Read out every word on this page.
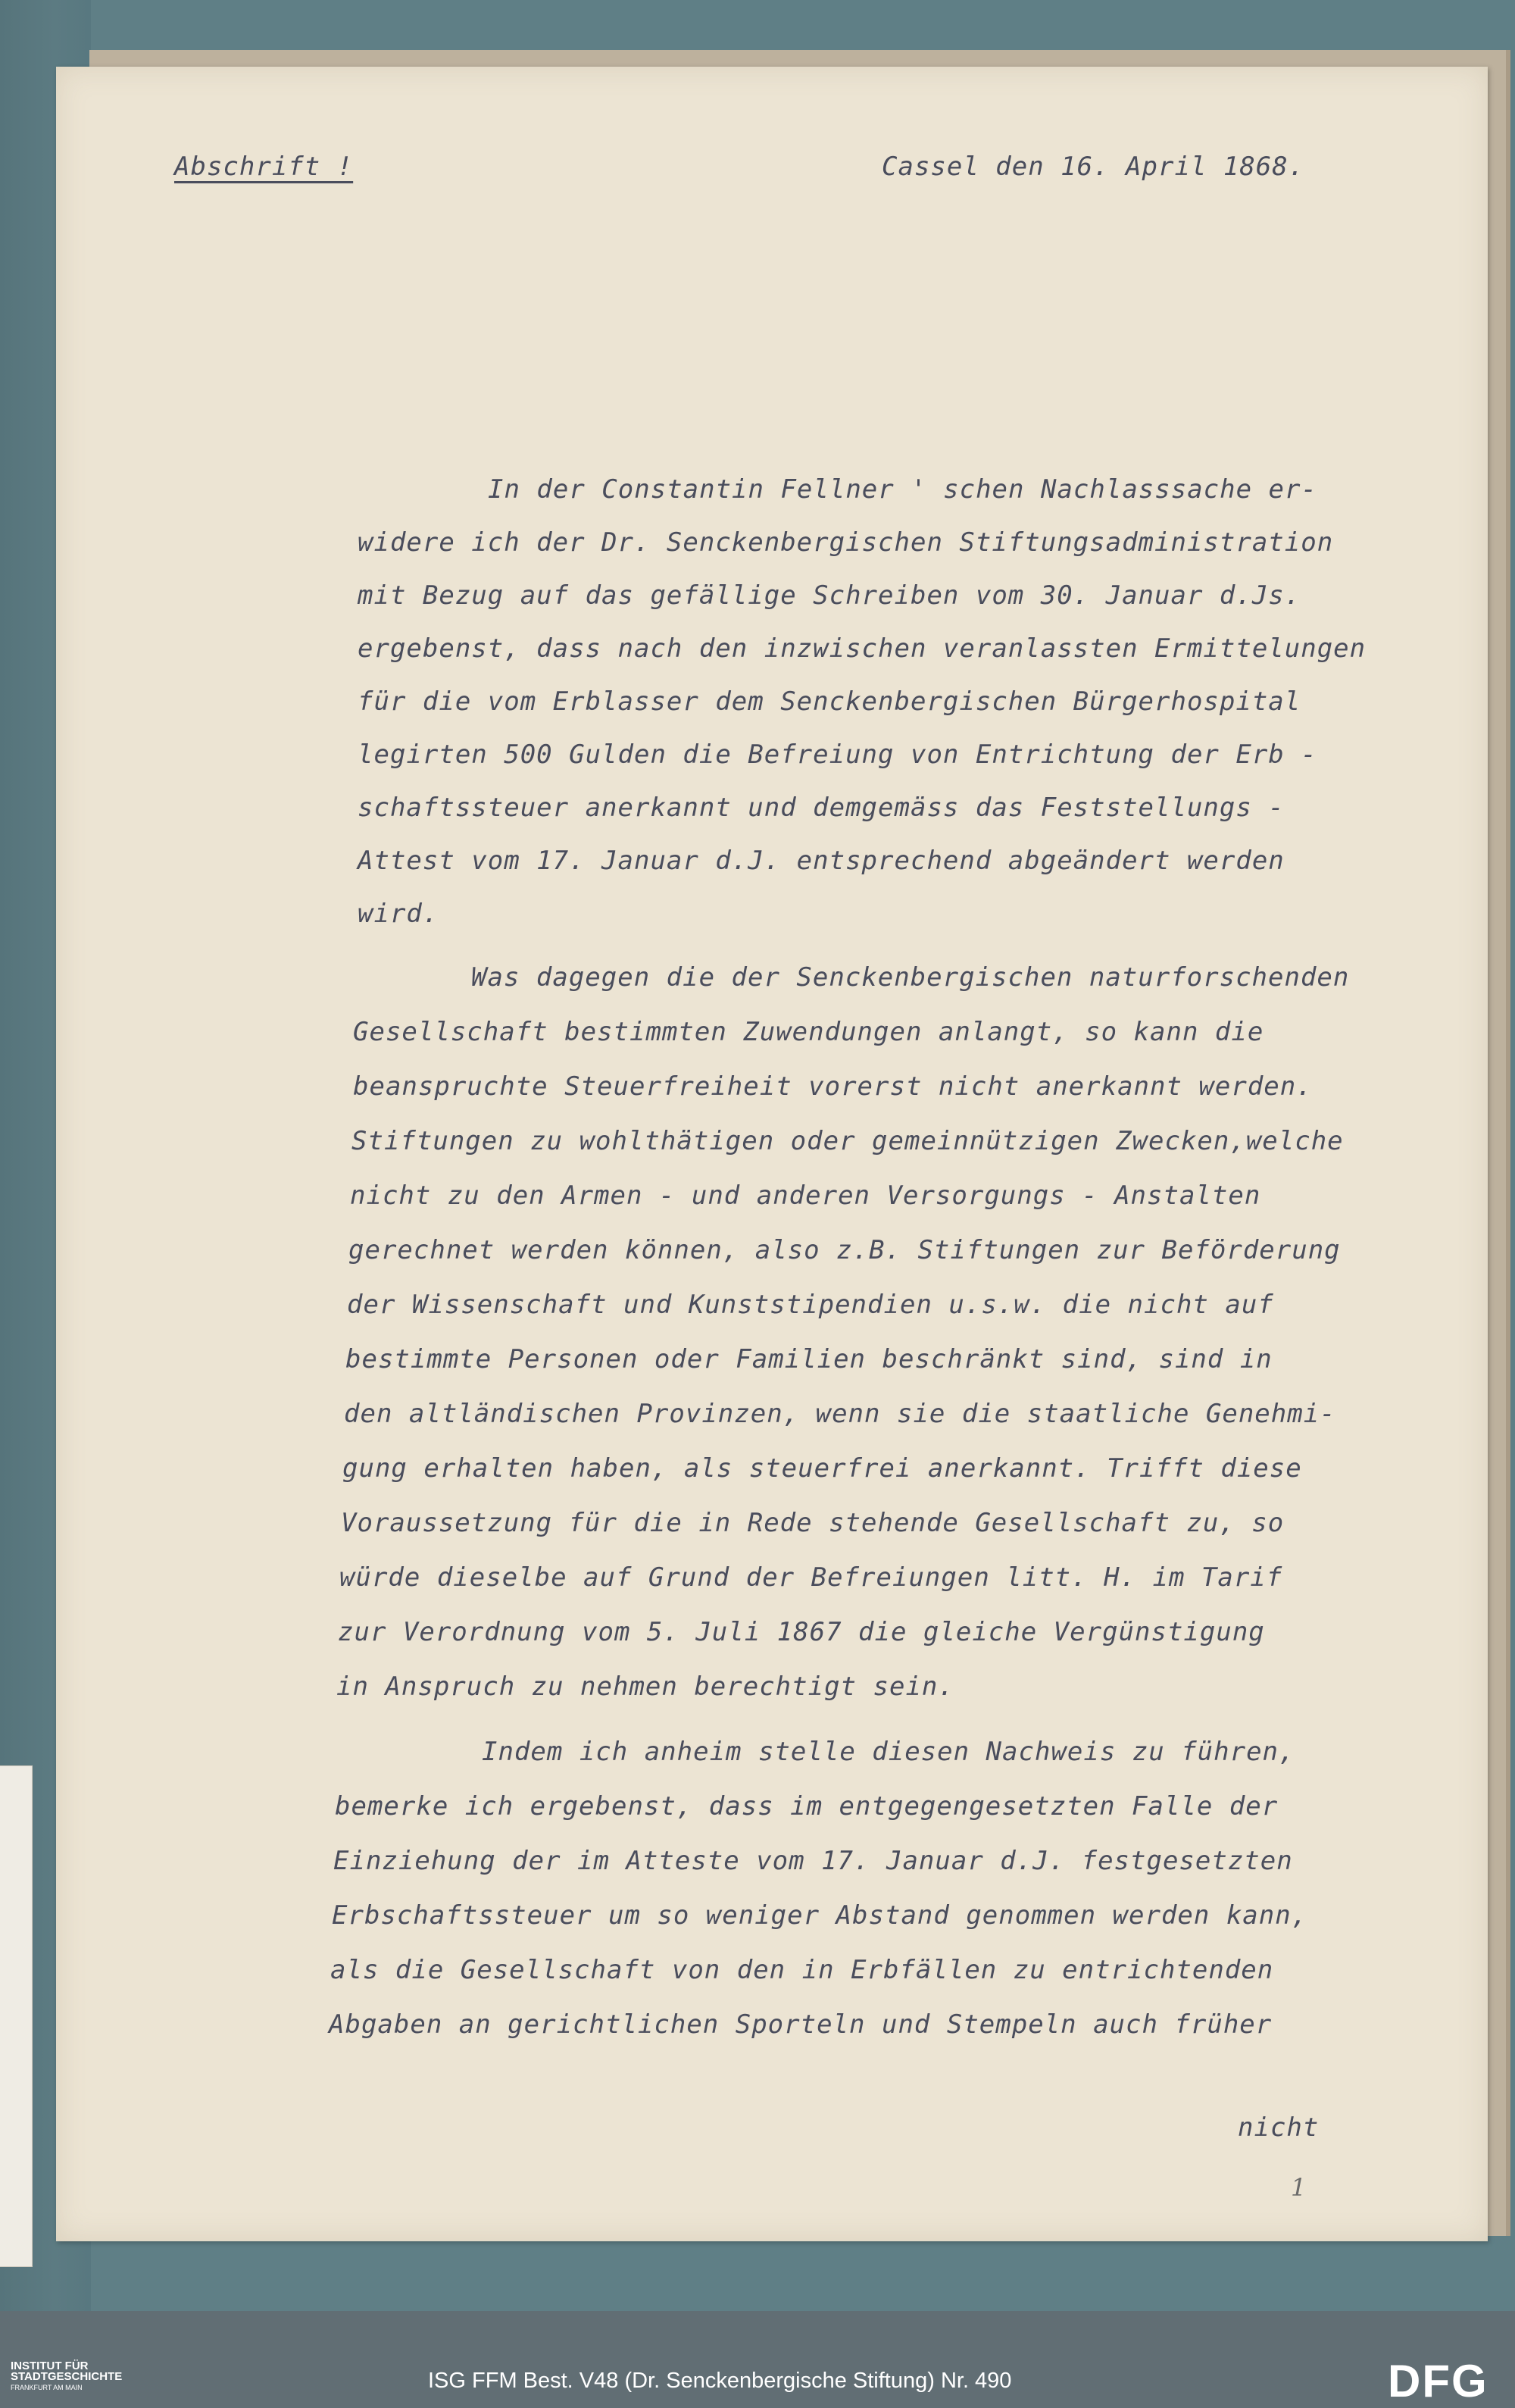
Abschrift !	Cassel den 16. April 1868.
In der Constantin Fellner ' schen Nachlasssache er-
widere ich der Dr. Senckenbergischen Stiftungsadministration
mit Bezug auf das gefällige Schreiben vom 30. Januar d.Js.
ergebenst, dass nach den inzwischen veranlassten Ermittelungen
für die vom Erblasser dem Senckenbergischen Bürgerhospital
legirten 500 Gulden die Befreiung von Entrichtung der Erb -
schaftssteuer anerkannt und demgemäss das Feststellungs -
Attest vom 17. Januar d.J. entsprechend abgeändert werden
wird.
Was dagegen die der Senckenbergischen naturforschenden
Gesellschaft bestimmten Zuwendungen anlangt, so kann die
beanspruchte Steuerfreiheit vorerst nicht anerkannt werden.
Stiftungen zu wohlthätigen oder gemeinnützigen Zwecken,welche
nicht zu den Armen - und anderen Versorgungs - Anstalten
gerechnet werden können, also z.B. Stiftungen zur Beförderung
der Wissenschaft und Kunststipendien u.s.w. die nicht auf
bestimmte Personen oder Familien beschränkt sind, sind in
den altländischen Provinzen, wenn sie die staatliche Genehmi-
gung erhalten haben, als steuerfrei anerkannt. Trifft diese
Voraussetzung für die in Rede stehende Gesellschaft zu, so
würde dieselbe auf Grund der Befreiungen litt. H. im Tarif
zur Verordnung vom 5. Juli 1867 die gleiche Vergünstigung
in Anspruch zu nehmen berechtigt sein.
Indem ich anheim stelle diesen Nachweis zu führen,
bemerke ich ergebenst, dass im entgegengesetzten Falle der
Einziehung der im Atteste vom 17. Januar d.J. festgesetzten
Erbschaftssteuer um so weniger Abstand genommen werden kann,
als die Gesellschaft von den in Erbfällen zu entrichtenden
Abgaben an gerichtlichen Sporteln und Stempeln auch früher
nicht
1
INSTITUT FÜR
STADTGESCHICHTE
FRANKFURT AM MAIN	ISG FFM Best. V48 (Dr. Senckenbergische Stiftung) Nr. 490	DFG
